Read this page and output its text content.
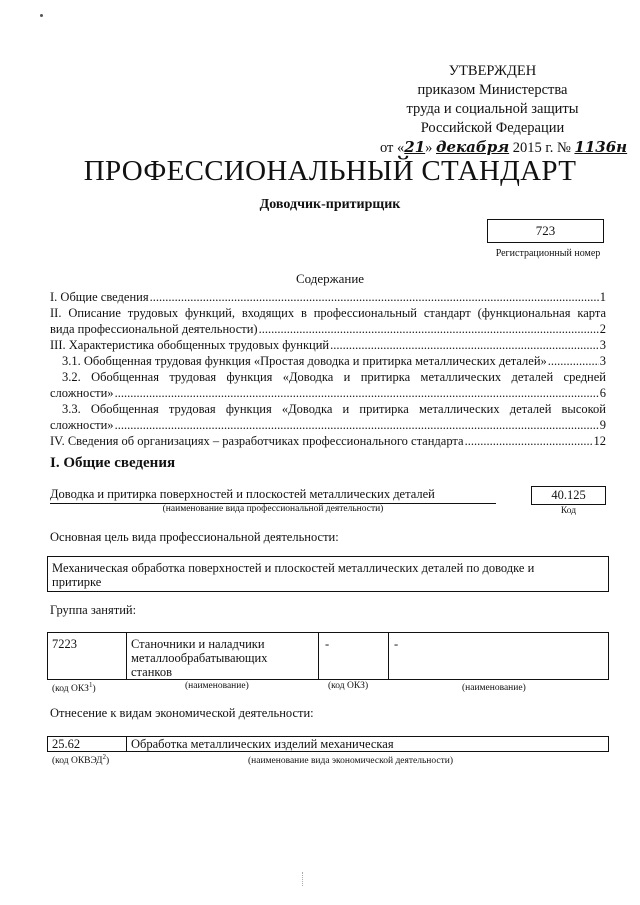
УТВЕРЖДЕН
приказом Министерства
труда и социальной защиты
Российской Федерации
от «21» декабря 2015 г. № 1136н
ПРОФЕССИОНАЛЬНЫЙ СТАНДАРТ
Доводчик-притирщик
723
Регистрационный номер
Содержание
I. Общие сведения .....	1
II. Описание трудовых функций, входящих в профессиональный стандарт (функциональная карта
вида профессиональной деятельности) .....	2
III. Характеристика обобщенных трудовых функций .....	3
3.1. Обобщенная трудовая функция «Простая доводка и притирка металлических деталей» .....	3
3.2. Обобщенная трудовая функция «Доводка и притирка металлических деталей средней
сложности» .....	6
3.3. Обобщенная трудовая функция «Доводка и притирка металлических деталей высокой
сложности» .....	9
IV. Сведения об организациях – разработчиках профессионального стандарта .....	12
I. Общие сведения
Доводка и притирка поверхностей и плоскостей металлических деталей
(наименование вида профессиональной деятельности)
40.125
Код
Основная цель вида профессиональной деятельности:
Механическая обработка поверхностей и плоскостей металлических деталей по доводке и
притирке
Группа занятий:
7223	Станочники и наладчики
металлообрабатывающих
станков
-	-
(код ОКЗ$^1$)	(наименование)	(код ОКЗ)	(наименование)
Отнесение к видам экономической деятельности:
25.62	Обработка металлических изделий механическая
(код ОКВЭД$^2$)	(наименование вида экономической деятельности)
